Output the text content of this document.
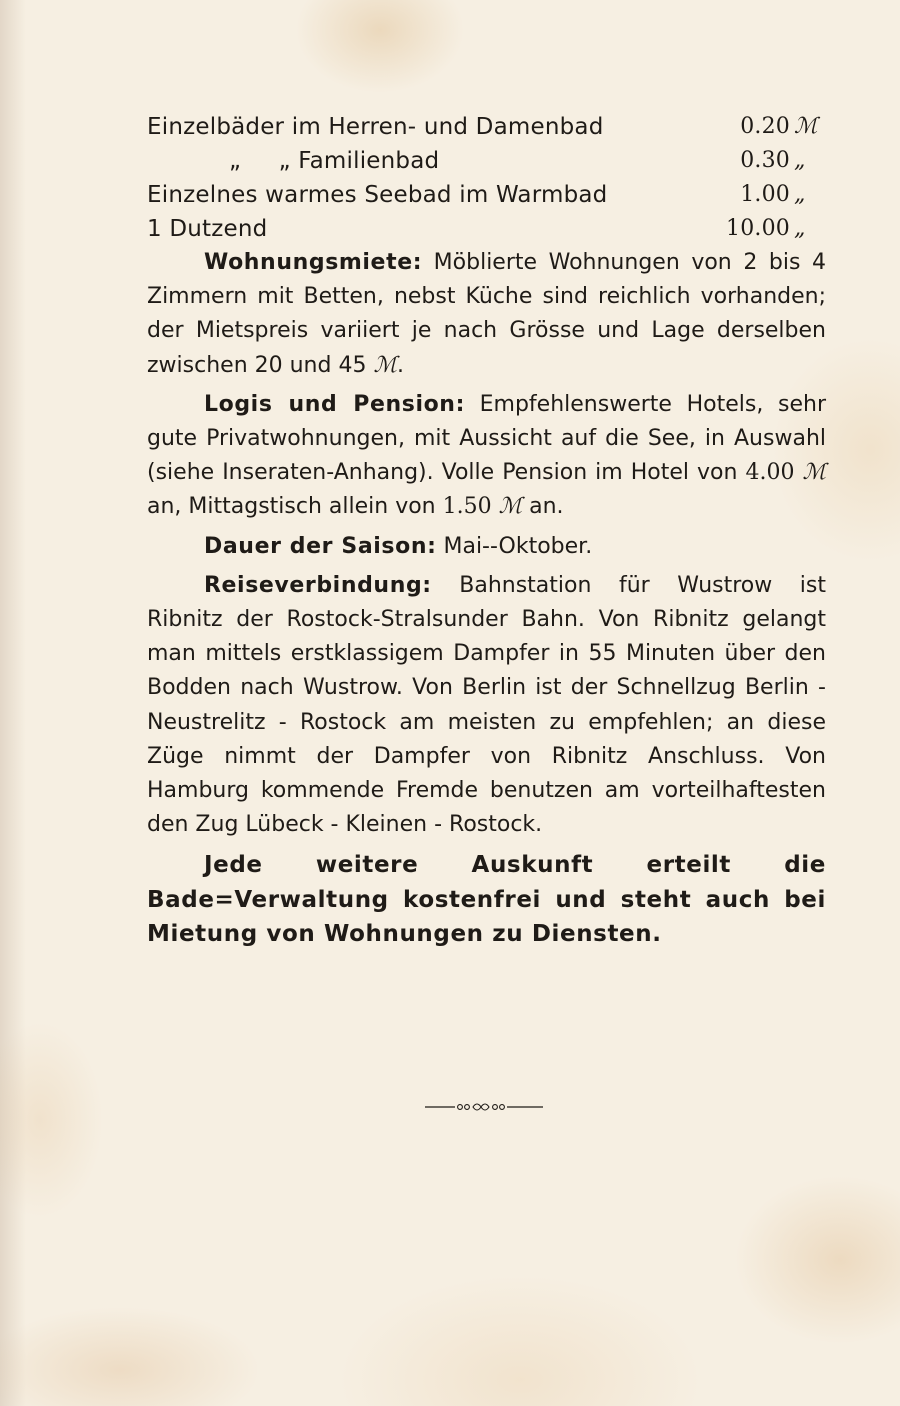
Einzelbäder im Herren- und Damenbad	0.20 ℳ
„     „ Familienbad	0.30 „
Einzelnes warmes Seebad im Warmbad	1.00 „
1 Dutzend	10.00 „

Wohnungsmiete: Möblierte Wohnungen von 2 bis 4 Zimmern mit Betten, nebst Küche sind reichlich vorhanden; der Mietspreis variiert je nach Grösse und Lage derselben zwischen 20 und 45 ℳ.

Logis und Pension: Empfehlenswerte Hotels, sehr gute Privatwohnungen, mit Aussicht auf die See, in Auswahl (siehe Inseraten-Anhang). Volle Pension im Hotel von 4.00 ℳ an, Mittagstisch allein von 1.50 ℳ an.

Dauer der Saison: Mai--Oktober.

Reiseverbindung: Bahnstation für Wustrow ist Ribnitz der Rostock-Stralsunder Bahn. Von Ribnitz gelangt man mittels erstklassigem Dampfer in 55 Minuten über den Bodden nach Wustrow. Von Berlin ist der Schnellzug Berlin - Neustrelitz - Rostock am meisten zu empfehlen; an diese Züge nimmt der Dampfer von Ribnitz Anschluss. Von Hamburg kommende Fremde benutzen am vorteilhaftesten den Zug Lübeck - Kleinen - Rostock.

Jede weitere Auskunft erteilt die Bade=Verwaltung kostenfrei und steht auch bei Mietung von Wohnungen zu Diensten.
